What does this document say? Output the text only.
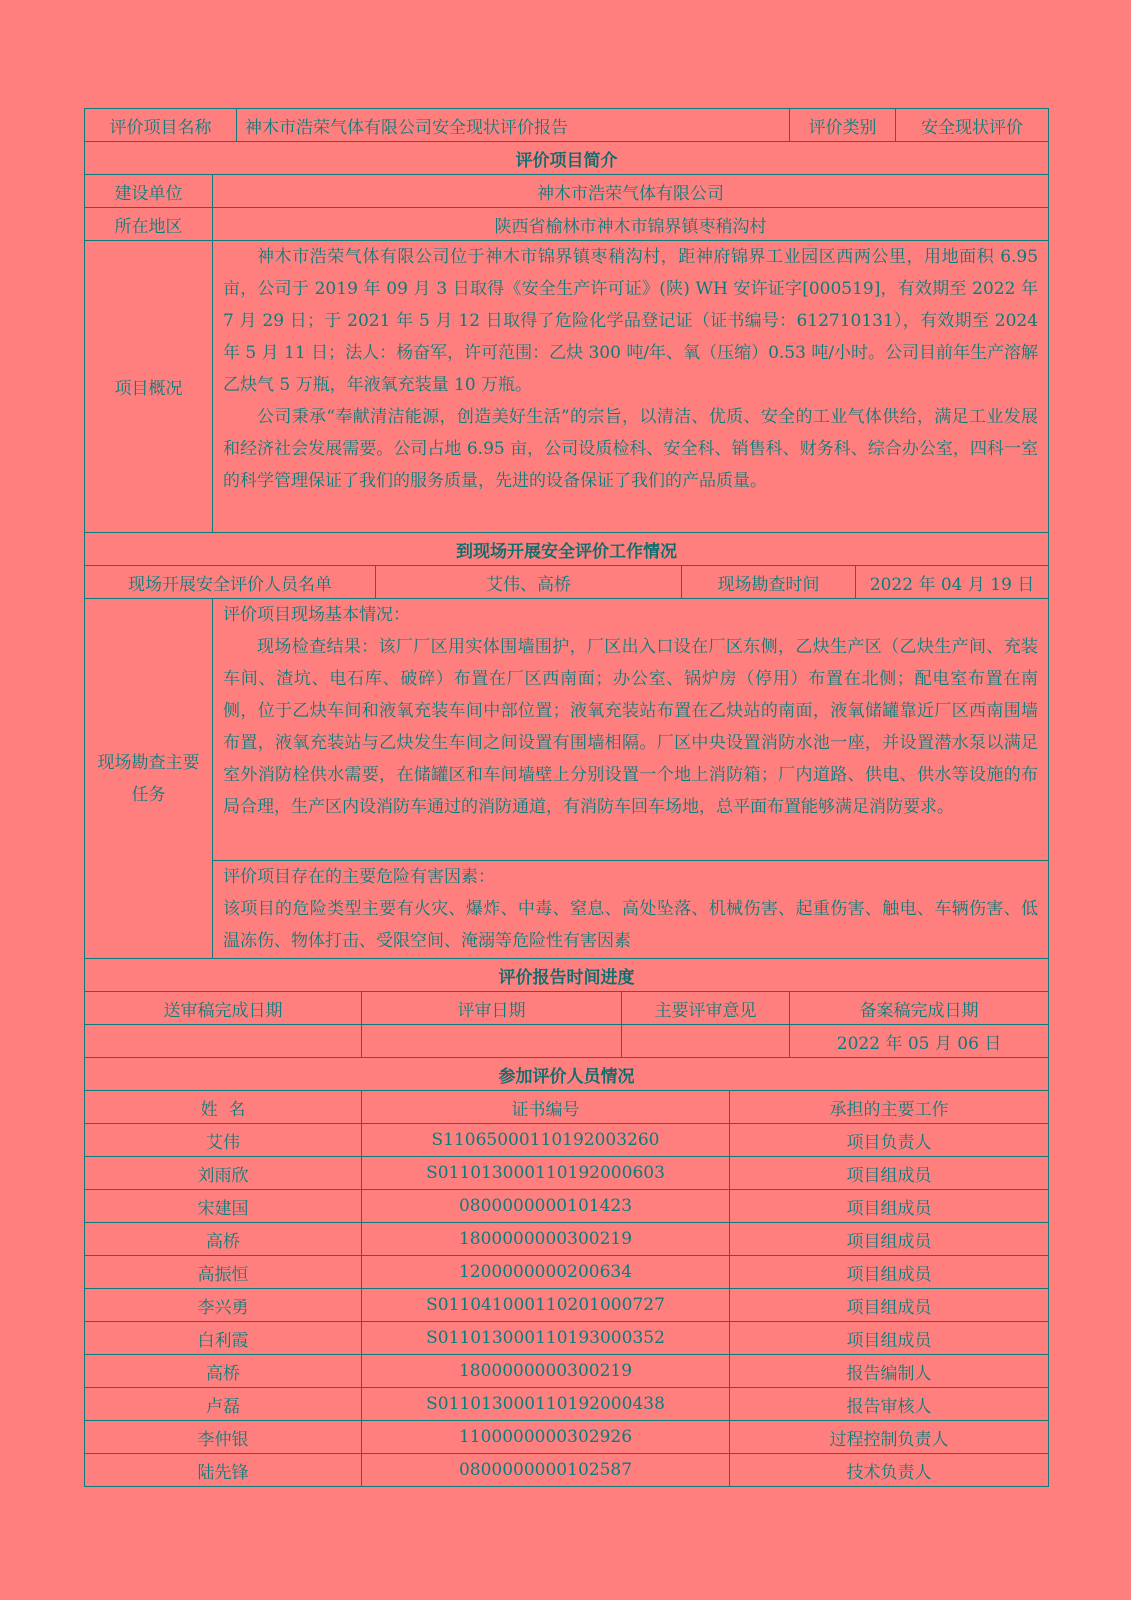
评价项目名称		神木市浩荣气体有限公司安全现状评价报告						评价类别		安全现状评价
评价项目简介										
建设单位	神木市浩荣气体有限公司									
所在地区	陕西省榆林市神木市锦界镇枣稍沟村									
项目概况	神木市浩荣气体有限公司位于神木市锦界镇枣稍沟村，距神府锦界工业园区西两公里，用地面积 6.95 亩，公司于 2019 年 09 月 3 日取得《安全生产许可证》(陕) WH 安许证字[000519]，有效期至 2022 年 7 月 29 日；于 2021 年 5 月 12 日取得了危险化学品登记证（证书编号：612710131），有效期至 2024 年 5 月 11 日；法人：杨奋军，许可范围：乙炔 300 吨/年、氧（压缩）0.53 吨/小时。公司目前年生产溶解乙炔气 5 万瓶，年液氧充装量 10 万瓶。

公司秉承“奉献清洁能源，创造美好生活”的宗旨，以清洁、优质、安全的工业气体供给，满足工业发展和经济社会发展需要。公司占地 6.95 亩，公司设质检科、安全科、销售科、财务科、综合办公室，四科一室的科学管理保证了我们的服务质量，先进的设备保证了我们的产品质量。									

到现场开展安全评价工作情况										
现场开展安全评价人员名单				艾伟、高桥		现场勘查时间			2022 年 04 月 19 日	
现场勘查主要任务	评价项目现场基本情况：

现场检查结果：该厂厂区用实体围墙围护，厂区出入口设在厂区东侧，乙炔生产区（乙炔生产间、充装车间、渣坑、电石库、破碎）布置在厂区西南面；办公室、锅炉房（停用）布置在北侧；配电室布置在南侧，位于乙炔车间和液氧充装车间中部位置；液氧充装站布置在乙炔站的南面，液氧储罐靠近厂区西南围墙布置，液氧充装站与乙炔发生车间之间设置有围墙相隔。厂区中央设置消防水池一座，并设置潜水泵以满足室外消防栓供水需要，在储罐区和车间墙壁上分别设置一个地上消防箱；厂内道路、供电、供水等设施的布局合理，生产区内设消防车通过的消防通道，有消防车回车场地，总平面布置能够满足消防要求。									

	评价项目存在的主要危险有害因素：

该项目的危险类型主要有火灾、爆炸、中毒、窒息、高处坠落、机械伤害、起重伤害、触电、车辆伤害、低温冻伤、物体打击、受限空间、淹溺等危险性有害因素									

评价报告时间进度										
送审稿完成日期			评审日期		主要评审意见			备案稿完成日期		
								2022 年 05 月 06 日		
参加评价人员情况										
姓  名			证书编号				承担的主要工作			
艾伟			S1106500011019200326​0				项目负责人			
刘雨欣			S011013000110192000603				项目组成员			
宋建国			0800000000101423				项目组成员			
高桥			1800000000300219				项目组成员			
高振恒			1200000000200634				项目组成员			
李兴勇			S011041000110201000727				项目组成员			
白利霞			S011013000110193000352				项目组成员			
高桥			1800000000300219				报告编制人			
卢磊			S011013000110192000438				报告审核人			
李仲银			1100000000302926				过程控制负责人			
陆先锋			0800000000102587				技术负责人			
